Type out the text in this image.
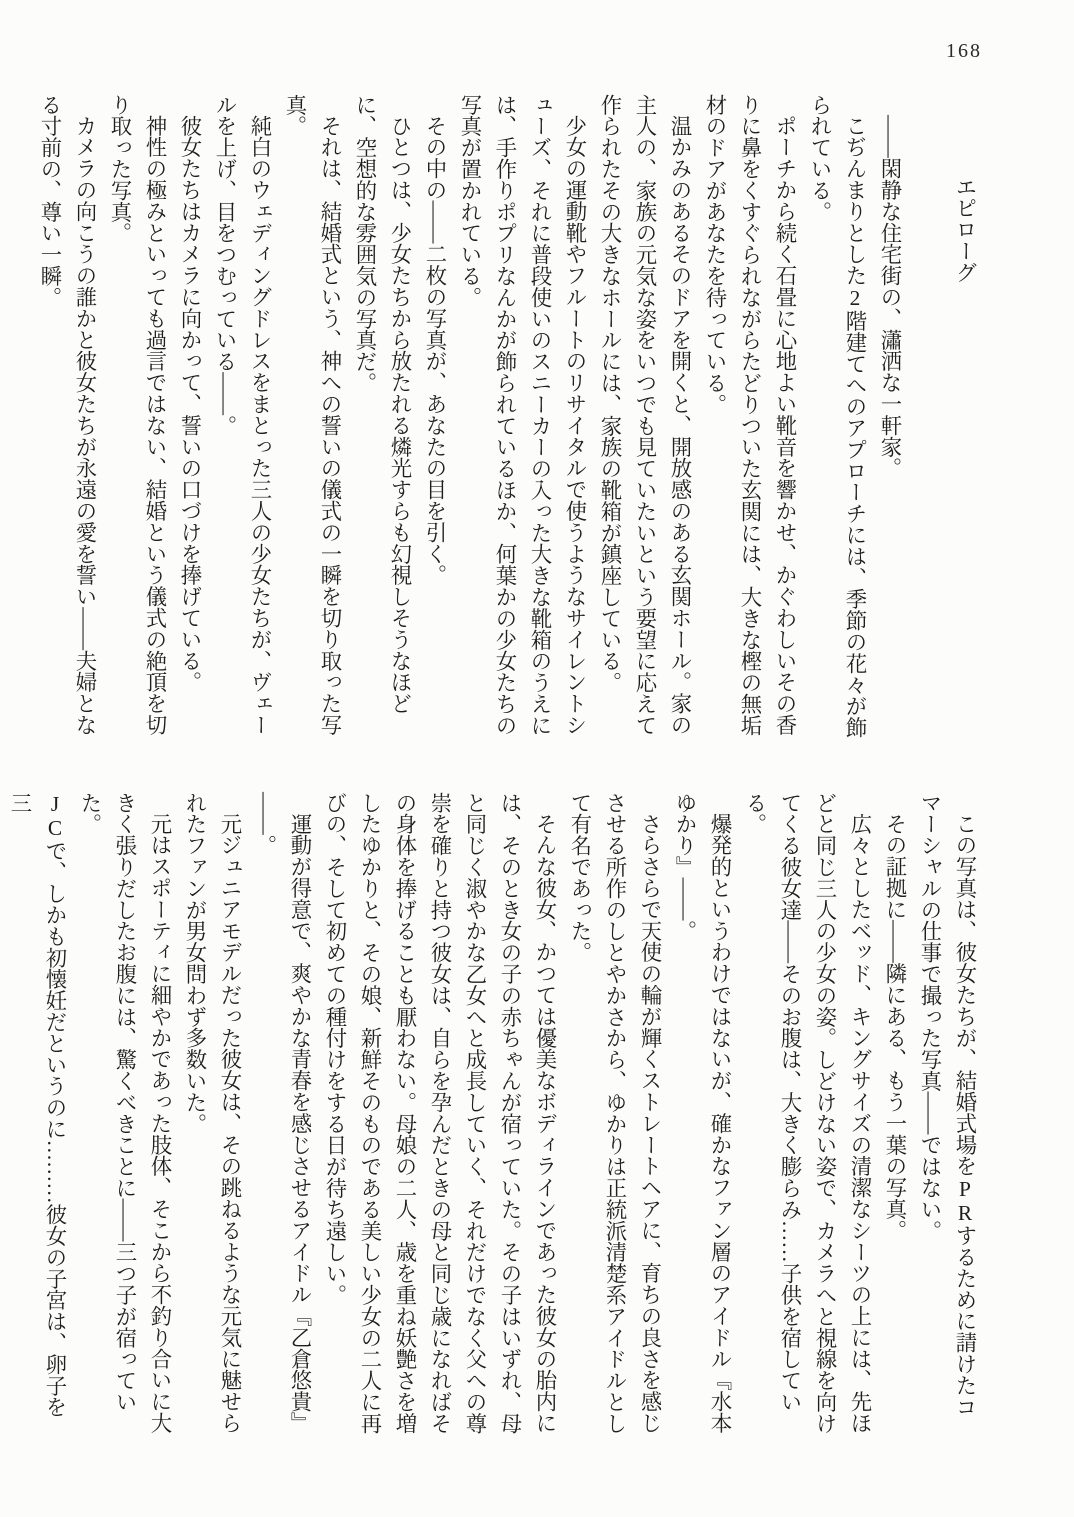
168
エピローグ

——閑静な住宅街の、瀟洒な一軒家。

こぢんまりとした2階建てへのアプローチには、季節の花々が飾られている。

ポーチから続く石畳に心地よい靴音を響かせ、かぐわしいその香りに鼻をくすぐられながらたどりついた玄関には、大きな樫の無垢材のドアがあなたを待っている。

温かみのあるそのドアを開くと、開放感のある玄関ホール。家の主人の、家族の元気な姿をいつでも見ていたいという要望に応えて作られたその大きなホールには、家族の靴箱が鎮座している。

少女の運動靴やフルートのリサイタルで使うようなサイレントシューズ、それに普段使いのスニーカーの入った大きな靴箱のうえには、手作りポプリなんかが飾られているほか、何葉かの少女たちの写真が置かれている。

その中の——二枚の写真が、あなたの目を引く。

ひとつは、少女たちから放たれる燐光すらも幻視しそうなほどに、空想的な雰囲気の写真だ。

それは、結婚式という、神への誓いの儀式の一瞬を切り取った写真。

純白のウェディングドレスをまとった三人の少女たちが、ヴェールを上げ、目をつむっている——。

彼女たちはカメラに向かって、誓いの口づけを捧げている。

神性の極みといっても過言ではない、結婚という儀式の絶頂を切り取った写真。

カメラの向こうの誰かと彼女たちが永遠の愛を誓い——夫婦となる寸前の、尊い一瞬。

この写真は、彼女たちが、結婚式場をPRするために請けたコマーシャルの仕事で撮った写真——ではない。

その証拠に——隣にある、もう一葉の写真。

広々としたベッド、キングサイズの清潔なシーツの上には、先ほどと同じ三人の少女の姿。しどけない姿で、カメラへと視線を向けてくる彼女達——そのお腹は、大きく膨らみ……子供を宿している。

爆発的というわけではないが、確かなファン層のアイドル『水本ゆかり』——。

さらさらで天使の輪が輝くストレートヘアに、育ちの良さを感じさせる所作のしとやかさから、ゆかりは正統派清楚系アイドルとして有名であった。

そんな彼女、かつては優美なボディラインであった彼女の胎内には、そのとき女の子の赤ちゃんが宿っていた。その子はいずれ、母と同じく淑やかな乙女へと成長していく、それだけでなく父への尊崇を確りと持つ彼女は、自らを孕んだときの母と同じ歳になればその身体を捧げることも厭わない。母娘の二人、歳を重ね妖艶さを増したゆかりと、その娘、新鮮そのものである美しい少女の二人に再びの、そして初めての種付けをする日が待ち遠しい。

運動が得意で、爽やかな青春を感じさせるアイドル『乙倉悠貴』——。

元ジュニアモデルだった彼女は、その跳ねるような元気に魅せられたファンが男女問わず多数いた。

元はスポーティに細やかであった肢体、そこから不釣り合いに大きく張りだしたお腹には、驚くべきことに——三つ子が宿っていた。

JCで、しかも初懐妊だというのに………彼女の子宮は、卵子を三
